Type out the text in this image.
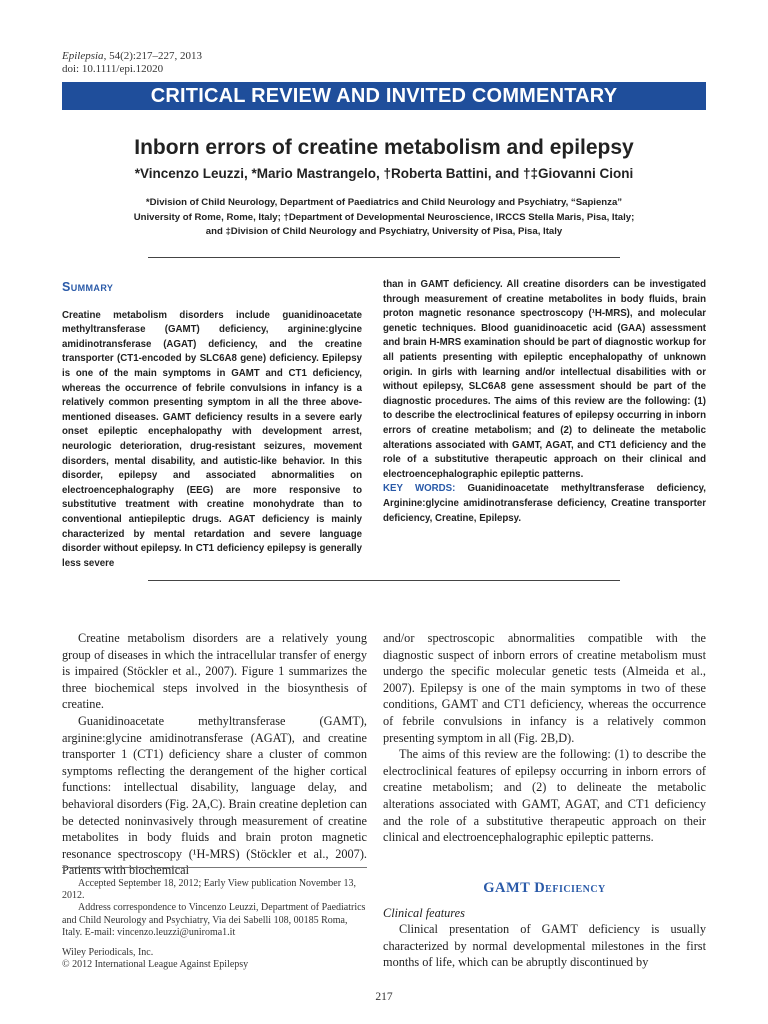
Epilepsia, 54(2):217–227, 2013
doi: 10.1111/epi.12020
CRITICAL REVIEW AND INVITED COMMENTARY
Inborn errors of creatine metabolism and epilepsy
*Vincenzo Leuzzi, *Mario Mastrangelo, †Roberta Battini, and †‡Giovanni Cioni
*Division of Child Neurology, Department of Paediatrics and Child Neurology and Psychiatry, “Sapienza”
University of Rome, Rome, Italy; †Department of Developmental Neuroscience, IRCCS Stella Maris, Pisa, Italy;
and ‡Division of Child Neurology and Psychiatry, University of Pisa, Pisa, Italy
Summary
Creatine metabolism disorders include guanidinoacetate methyltransferase (GAMT) deficiency, arginine:glycine amidinotransferase (AGAT) deficiency, and the creatine transporter (CT1-encoded by SLC6A8 gene) deficiency. Epilepsy is one of the main symptoms in GAMT and CT1 deficiency, whereas the occurrence of febrile convulsions in infancy is a relatively common presenting symptom in all the three above-mentioned diseases. GAMT deficiency results in a severe early onset epileptic encephalopathy with development arrest, neurologic deterioration, drug-resistant seizures, movement disorders, mental disability, and autistic-like behavior. In this disorder, epilepsy and associated abnormalities on electroencephalography (EEG) are more responsive to substitutive treatment with creatine monohydrate than to conventional antiepileptic drugs. AGAT deficiency is mainly characterized by mental retardation and severe language disorder without epilepsy. In CT1 deficiency epilepsy is generally less severe
than in GAMT deficiency. All creatine disorders can be investigated through measurement of creatine metabolites in body fluids, brain proton magnetic resonance spectroscopy (¹H-MRS), and molecular genetic techniques. Blood guanidinoacetic acid (GAA) assessment and brain H-MRS examination should be part of diagnostic workup for all patients presenting with epileptic encephalopathy of unknown origin. In girls with learning and/or intellectual disabilities with or without epilepsy, SLC6A8 gene assessment should be part of the diagnostic procedures. The aims of this review are the following: (1) to describe the electroclinical features of epilepsy occurring in inborn errors of creatine metabolism; and (2) to delineate the metabolic alterations associated with GAMT, AGAT, and CT1 deficiency and the role of a substitutive therapeutic approach on their clinical and electroencephalographic epileptic patterns.
KEY WORDS: Guanidinoacetate methyltransferase deficiency, Arginine:glycine amidinotransferase deficiency, Creatine transporter deficiency, Creatine, Epilepsy.

Creatine metabolism disorders are a relatively young group of diseases in which the intracellular transfer of energy is impaired (Stöckler et al., 2007). Figure 1 summarizes the three biochemical steps involved in the biosynthesis of creatine.

Guanidinoacetate methyltransferase (GAMT), arginine:glycine amidinotransferase (AGAT), and creatine transporter 1 (CT1) deficiency share a cluster of common symptoms reflecting the derangement of the higher cortical functions: intellectual disability, language delay, and behavioral disorders (Fig. 2A,C). Brain creatine depletion can be detected noninvasively through measurement of creatine metabolites in body fluids and brain proton magnetic resonance spectroscopy (¹H-MRS) (Stöckler et al., 2007). Patients with biochemical

and/or spectroscopic abnormalities compatible with the diagnostic suspect of inborn errors of creatine metabolism must undergo the specific molecular genetic tests (Almeida et al., 2007). Epilepsy is one of the main symptoms in two of these conditions, GAMT and CT1 deficiency, whereas the occurrence of febrile convulsions in infancy is a relatively common presenting symptom in all (Fig. 2B,D).

The aims of this review are the following: (1) to describe the electroclinical features of epilepsy occurring in inborn errors of creatine metabolism; and (2) to delineate the metabolic alterations associated with GAMT, AGAT, and CT1 deficiency and the role of a substitutive therapeutic approach on their clinical and electroencephalographic epileptic patterns.

GAMT Deficiency
Clinical features
Clinical presentation of GAMT deficiency is usually characterized by normal developmental milestones in the first months of life, which can be abruptly discontinued by

Accepted September 18, 2012; Early View publication November 13, 2012.

Address correspondence to Vincenzo Leuzzi, Department of Paediatrics and Child Neurology and Psychiatry, Via dei Sabelli 108, 00185 Roma, Italy. E-mail: vincenzo.leuzzi@uniroma1.it

Wiley Periodicals, Inc.

© 2012 International League Against Epilepsy

217
